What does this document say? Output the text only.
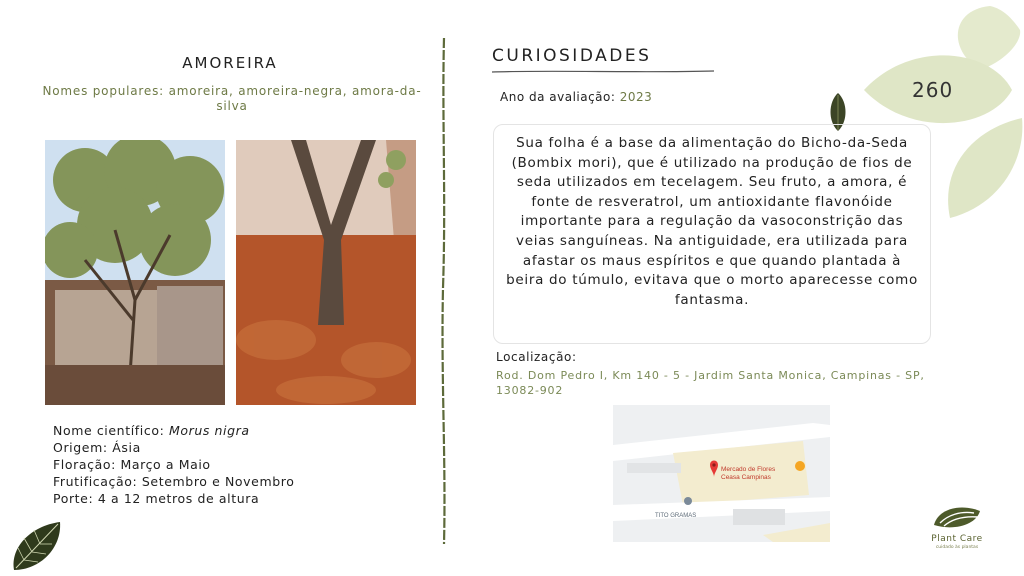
260
AMOREIRA
Nomes populares: amoreira, amoreira-negra, amora-da-silva
Nome científico: Morus nigra
Origem: Ásia
Floração: Março a Maio
Frutificação: Setembro e Novembro
Porte: 4 a 12 metros de altura
CURIOSIDADES
Ano da avaliação: 2023
Sua folha é a base da alimentação do Bicho-da-Seda (Bombix mori), que é utilizado na produção de fios de seda utilizados em tecelagem. Seu fruto, a amora, é fonte de resveratrol, um antioxidante flavonóide importante para a regulação da vasoconstrição das veias sanguíneas. Na antiguidade, era utilizada para afastar os maus espíritos e que quando plantada à beira do túmulo, evitava que o morto aparecesse como fantasma.
Localização:
Rod. Dom Pedro I, Km 140 - 5 - Jardim Santa Monica, Campinas - SP, 13082-902
Mercado de Flores
Ceasa Campinas
TITO GRAMAS
Plant Care
cuidado às plantas
